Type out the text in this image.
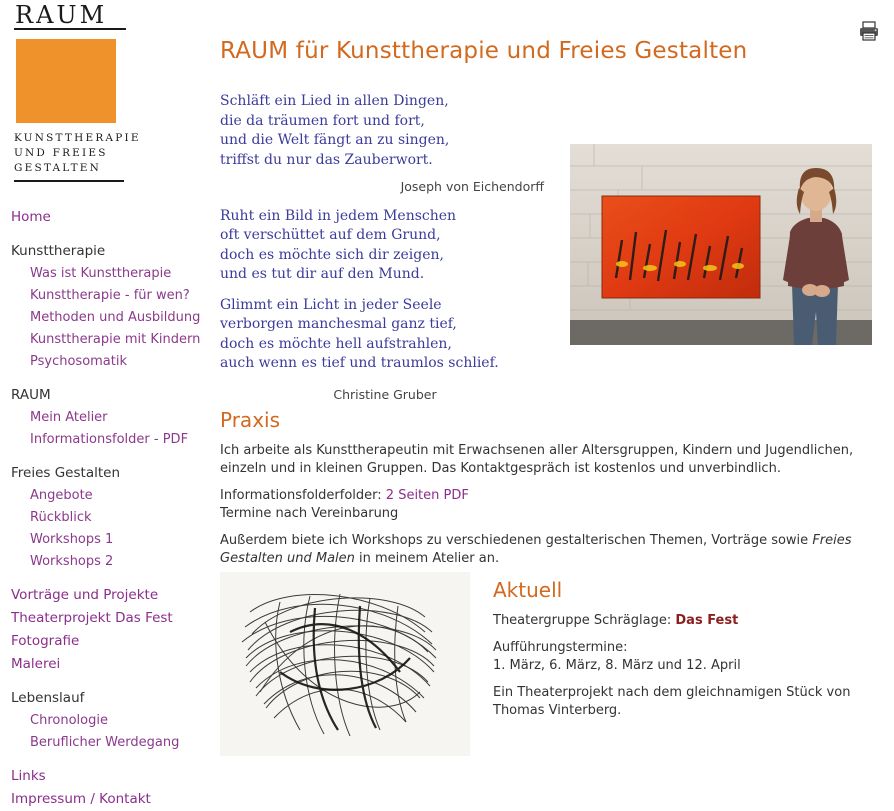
RAUM
KUNSTTHERAPIE
UND FREIES
GESTALTEN
Home
Kunsttherapie
Was ist Kunsttherapie
Kunsttherapie - für wen?
Methoden und Ausbildung
Kunsttherapie mit Kindern
Psychosomatik
RAUM
Mein Atelier
Informationsfolder - PDF
Freies Gestalten
Angebote
Rückblick
Workshops 1
Workshops 2
Vorträge und Projekte
Theaterprojekt Das Fest
Fotografie
Malerei
Lebenslauf
Chronologie
Beruflicher Werdegang
Links
Impressum / Kontakt
RAUM für Kunsttherapie und Freies Gestalten
Schläft ein Lied in allen Dingen,
die da träumen fort und fort,
und die Welt fängt an zu singen,
triffst du nur das Zauberwort.
Joseph von Eichendorff
Ruht ein Bild in jedem Menschen
oft verschüttet auf dem Grund,
doch es möchte sich dir zeigen,
und es tut dir auf den Mund.
Glimmt ein Licht in jeder Seele
verborgen manchesmal ganz tief,
doch es möchte hell aufstrahlen,
auch wenn es tief und traumlos schlief.
Christine Gruber
Praxis

Ich arbeite als Kunsttherapeutin mit Erwachsenen aller Altersgruppen, Kindern und Jugendlichen, einzeln und in kleinen Gruppen. Das Kontaktgespräch ist kostenlos und unverbindlich.

Informationsfolderfolder: 2 Seiten PDF
Termine nach Vereinbarung

Außerdem biete ich Workshops zu verschiedenen gestalterischen Themen, Vorträge sowie Freies Gestalten und Malen in meinem Atelier an.

Aktuell

Theatergruppe Schräglage: Das Fest

Aufführungstermine:
1. März, 6. März, 8. März und 12. April

Ein Theaterprojekt nach dem gleichnamigen Stück von Thomas Vinterberg.
